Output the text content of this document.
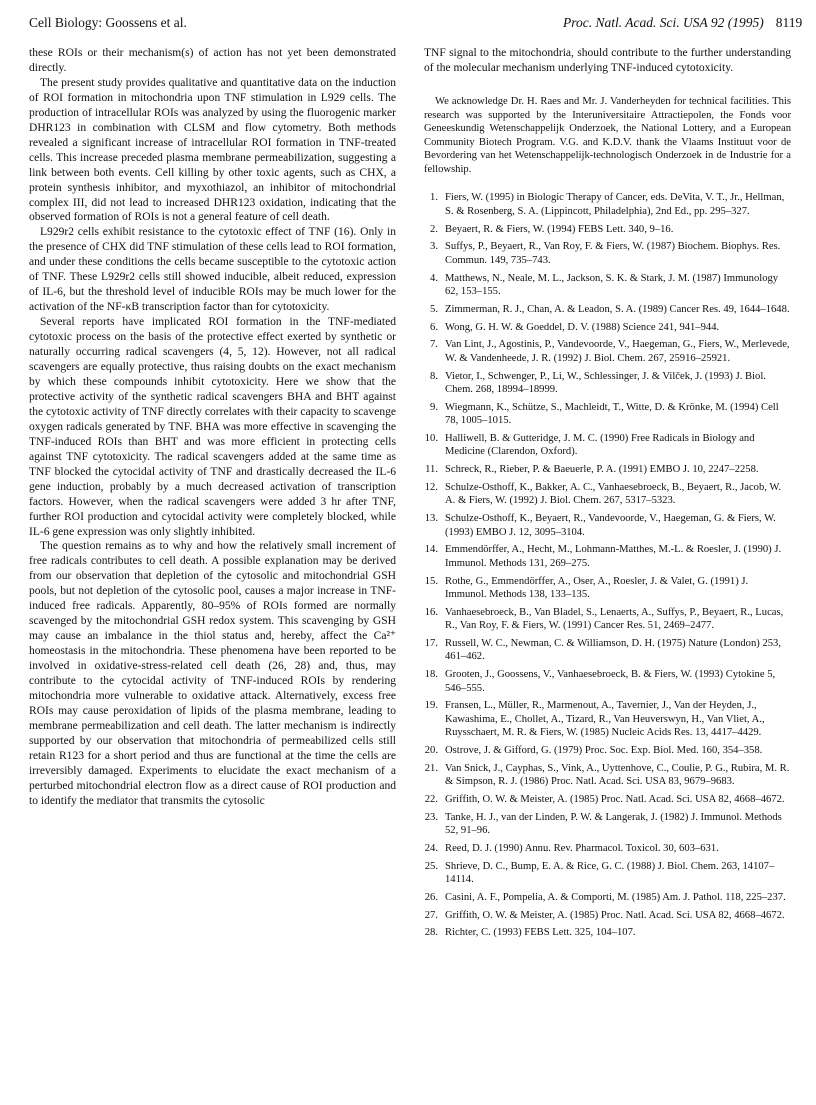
Cell Biology: Goossens et al.	Proc. Natl. Acad. Sci. USA 92 (1995) 8119

these ROIs or their mechanism(s) of action has not yet been demonstrated directly.

The present study provides qualitative and quantitative data on the induction of ROI formation in mitochondria upon TNF stimulation in L929 cells. The production of intracellular ROIs was analyzed by using the fluorogenic marker DHR123 in combination with CLSM and flow cytometry. Both methods revealed a significant increase of intracellular ROI formation in TNF-treated cells. This increase preceded plasma membrane permeabilization, suggesting a link between both events. Cell killing by other toxic agents, such as CHX, a protein synthesis inhibitor, and myxothiazol, an inhibitor of mitochondrial complex III, did not lead to increased DHR123 oxidation, indicating that the observed formation of ROIs is not a general feature of cell death.

L929r2 cells exhibit resistance to the cytotoxic effect of TNF (16). Only in the presence of CHX did TNF stimulation of these cells lead to ROI formation, and under these conditions the cells became susceptible to the cytotoxic action of TNF. These L929r2 cells still showed inducible, albeit reduced, expression of IL-6, but the threshold level of inducible ROIs may be much lower for the activation of the NF-κB transcription factor than for cytotoxicity.

Several reports have implicated ROI formation in the TNF-mediated cytotoxic process on the basis of the protective effect exerted by synthetic or naturally occurring radical scavengers (4, 5, 12). However, not all radical scavengers are equally protective, thus raising doubts on the exact mechanism by which these compounds inhibit cytotoxicity. Here we show that the protective activity of the synthetic radical scavengers BHA and BHT against the cytotoxic activity of TNF directly correlates with their capacity to scavenge oxygen radicals generated by TNF. BHA was more effective in scavenging the TNF-induced ROIs than BHT and was more efficient in protecting cells against TNF cytotoxicity. The radical scavengers added at the same time as TNF blocked the cytocidal activity of TNF and drastically decreased the IL-6 gene induction, probably by a much decreased activation of transcription factors. However, when the radical scavengers were added 3 hr after TNF, further ROI production and cytocidal activity were completely blocked, while IL-6 gene expression was only slightly inhibited.

The question remains as to why and how the relatively small increment of free radicals contributes to cell death. A possible explanation may be derived from our observation that depletion of the cytosolic and mitochondrial GSH pools, but not depletion of the cytosolic pool, causes a major increase in TNF-induced free radicals. Apparently, 80–95% of ROIs formed are normally scavenged by the mitochondrial GSH redox system. This scavenging by GSH may cause an imbalance in the thiol status and, hereby, affect the Ca²⁺ homeostasis in the mitochondria. These phenomena have been reported to be involved in oxidative-stress-related cell death (26, 28) and, thus, may contribute to the cytocidal activity of TNF-induced ROIs by rendering mitochondria more vulnerable to oxidative attack. Alternatively, excess free ROIs may cause peroxidation of lipids of the plasma membrane, leading to membrane permeabilization and cell death. The latter mechanism is indirectly supported by our observation that mitochondria of permeabilized cells still retain R123 for a short period and thus are functional at the time the cells are irreversibly damaged. Experiments to elucidate the exact mechanism of a perturbed mitochondrial electron flow as a direct cause of ROI production and to identify the mediator that transmits the cytosolic

TNF signal to the mitochondria, should contribute to the further understanding of the molecular mechanism underlying TNF-induced cytotoxicity.

We acknowledge Dr. H. Raes and Mr. J. Vanderheyden for technical facilities. This research was supported by the Interuniversitaire Attractiepolen, the Fonds voor Geneeskundig Wetenschappelijk Onderzoek, the National Lottery, and a European Community Biotech Program. V.G. and K.D.V. thank the Vlaams Instituut voor de Bevordering van het Wetenschappelijk-technologisch Onderzoek in de Industrie for a fellowship.

1. Fiers, W. (1995) in Biologic Therapy of Cancer, eds. DeVita, V. T., Jr., Hellman, S. & Rosenberg, S. A. (Lippincott, Philadelphia), 2nd Ed., pp. 295–327.
2. Beyaert, R. & Fiers, W. (1994) FEBS Lett. 340, 9–16.
3. Suffys, P., Beyaert, R., Van Roy, F. & Fiers, W. (1987) Biochem. Biophys. Res. Commun. 149, 735–743.
4. Matthews, N., Neale, M. L., Jackson, S. K. & Stark, J. M. (1987) Immunology 62, 153–155.
5. Zimmerman, R. J., Chan, A. & Leadon, S. A. (1989) Cancer Res. 49, 1644–1648.
6. Wong, G. H. W. & Goeddel, D. V. (1988) Science 241, 941–944.
7. Van Lint, J., Agostinis, P., Vandevoorde, V., Haegeman, G., Fiers, W., Merlevede, W. & Vandenheede, J. R. (1992) J. Biol. Chem. 267, 25916–25921.
8. Vietor, I., Schwenger, P., Li, W., Schlessinger, J. & Vilček, J. (1993) J. Biol. Chem. 268, 18994–18999.
9. Wiegmann, K., Schütze, S., Machleidt, T., Witte, D. & Krönke, M. (1994) Cell 78, 1005–1015.
10. Halliwell, B. & Gutteridge, J. M. C. (1990) Free Radicals in Biology and Medicine (Clarendon, Oxford).
11. Schreck, R., Rieber, P. & Baeuerle, P. A. (1991) EMBO J. 10, 2247–2258.
12. Schulze-Osthoff, K., Bakker, A. C., Vanhaesebroeck, B., Beyaert, R., Jacob, W. A. & Fiers, W. (1992) J. Biol. Chem. 267, 5317–5323.
13. Schulze-Osthoff, K., Beyaert, R., Vandevoorde, V., Haegeman, G. & Fiers, W. (1993) EMBO J. 12, 3095–3104.
14. Emmendörffer, A., Hecht, M., Lohmann-Matthes, M.-L. & Roesler, J. (1990) J. Immunol. Methods 131, 269–275.
15. Rothe, G., Emmendörffer, A., Oser, A., Roesler, J. & Valet, G. (1991) J. Immunol. Methods 138, 133–135.
16. Vanhaesebroeck, B., Van Bladel, S., Lenaerts, A., Suffys, P., Beyaert, R., Lucas, R., Van Roy, F. & Fiers, W. (1991) Cancer Res. 51, 2469–2477.
17. Russell, W. C., Newman, C. & Williamson, D. H. (1975) Nature (London) 253, 461–462.
18. Grooten, J., Goossens, V., Vanhaesebroeck, B. & Fiers, W. (1993) Cytokine 5, 546–555.
19. Fransen, L., Müller, R., Marmenout, A., Tavernier, J., Van der Heyden, J., Kawashima, E., Chollet, A., Tizard, R., Van Heuverswyn, H., Van Vliet, A., Ruysschaert, M. R. & Fiers, W. (1985) Nucleic Acids Res. 13, 4417–4429.
20. Ostrove, J. & Gifford, G. (1979) Proc. Soc. Exp. Biol. Med. 160, 354–358.
21. Van Snick, J., Cayphas, S., Vink, A., Uyttenhove, C., Coulie, P. G., Rubira, M. R. & Simpson, R. J. (1986) Proc. Natl. Acad. Sci. USA 83, 9679–9683.
22. Griffith, O. W. & Meister, A. (1985) Proc. Natl. Acad. Sci. USA 82, 4668–4672.
23. Tanke, H. J., van der Linden, P. W. & Langerak, J. (1982) J. Immunol. Methods 52, 91–96.
24. Reed, D. J. (1990) Annu. Rev. Pharmacol. Toxicol. 30, 603–631.
25. Shrieve, D. C., Bump, E. A. & Rice, G. C. (1988) J. Biol. Chem. 263, 14107–14114.
26. Casini, A. F., Pompelia, A. & Comporti, M. (1985) Am. J. Pathol. 118, 225–237.
27. Griffith, O. W. & Meister, A. (1985) Proc. Natl. Acad. Sci. USA 82, 4668–4672.
28. Richter, C. (1993) FEBS Lett. 325, 104–107.
